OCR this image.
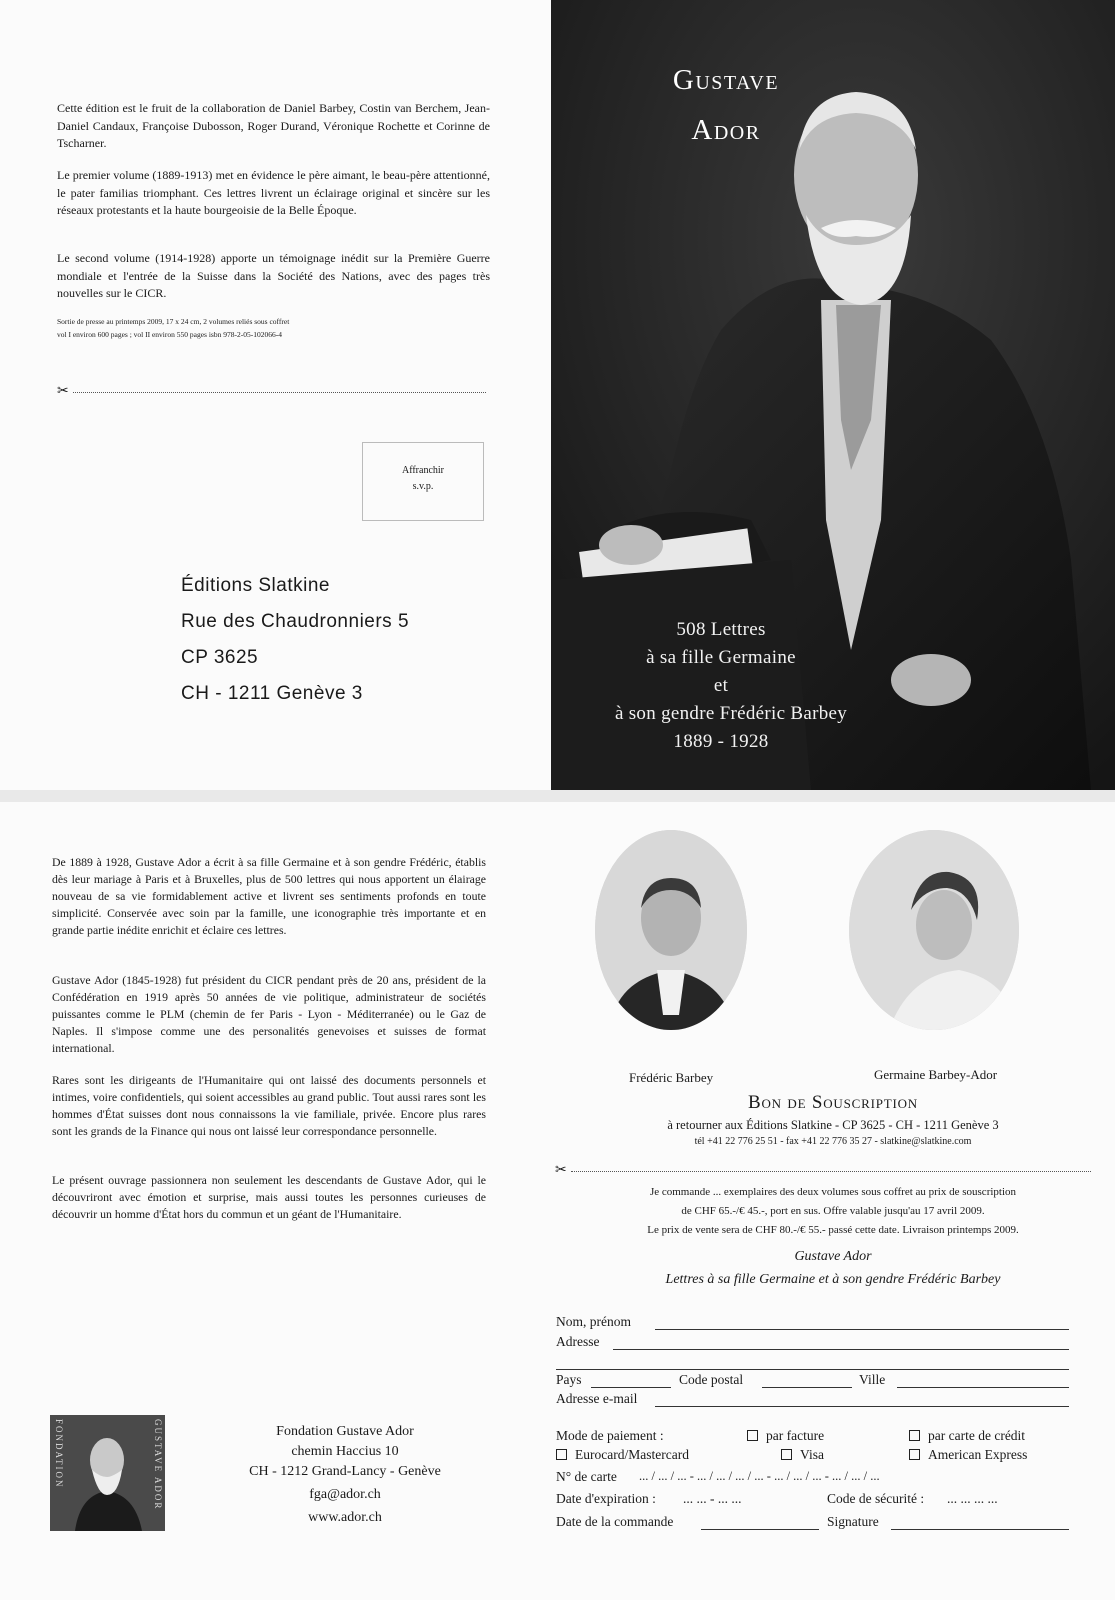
Cette édition est le fruit de la collaboration de Daniel Barbey, Costin van Berchem, Jean-Daniel Candaux, Françoise Dubosson, Roger Durand, Véronique Rochette et Corinne de Tscharner.

Le premier volume (1889-1913) met en évidence le père aimant, le beau-père attentionné, le pater familias triomphant. Ces lettres livrent un éclairage original et sincère sur les réseaux protestants et la haute bourgeoisie de la Belle Époque.

Le second volume (1914-1928) apporte un témoignage inédit sur la Première Guerre mondiale et l'entrée de la Suisse dans la Société des Nations, avec des pages très nouvelles sur le CICR.

Sortie de presse au printemps 2009, 17 x 24 cm, 2 volumes reliés sous coffret

vol I environ 600 pages ; vol II environ 550 pages isbn 978-2-05-102066-4

✂
Affranchir
s.v.p.
Éditions Slatkine
Rue des Chaudronniers 5
CP 3625
CH - 1211 Genève 3
Gustave
Ador
508 Lettres
à sa fille Germaine
et
à son gendre Frédéric Barbey
1889 - 1928

De 1889 à 1928, Gustave Ador a écrit à sa fille Germaine et à son gendre Frédéric, établis dès leur mariage à Paris et à Bruxelles, plus de 500 lettres qui nous apportent un élairage nouveau de sa vie formidablement active et livrent ses sentiments profonds en toute simplicité. Conservée avec soin par la famille, une iconographie très importante et en grande partie inédite enrichit et éclaire ces lettres.

Gustave Ador (1845-1928) fut président du CICR pendant près de 20 ans, président de la Confédération en 1919 après 50 années de vie politique, administrateur de sociétés puissantes comme le PLM (chemin de fer Paris - Lyon - Méditerranée) ou le Gaz de Naples. Il s'impose comme une des personalités genevoises et suisses de format international.

Rares sont les dirigeants de l'Humanitaire qui ont laissé des documents personnels et intimes, voire confidentiels, qui soient accessibles au grand public. Tout aussi rares sont les hommes d'État suisses dont nous connaissons la vie familiale, privée. Encore plus rares sont les grands de la Finance qui nous ont laissé leur correspondance personnelle.

Le présent ouvrage passionnera non seulement les descendants de Gustave Ador, qui le découvriront avec émotion et surprise, mais aussi toutes les personnes curieuses de découvrir un homme d'État hors du commun et un géant de l'Humanitaire.

FONDATION	GUSTAVE ADOR	Fondation Gustave Ador
chemin Haccius 10
CH - 1212 Grand-Lancy - Genève
fga@ador.ch
www.ador.ch
Frédéric Barbey	Germaine Barbey-Ador
Bon de Souscription
à retourner aux Éditions Slatkine - CP 3625 - CH - 1211 Genève 3
tél +41 22 776 25 51 - fax +41 22 776 35 27 - slatkine@slatkine.com
✂
Je commande ... exemplaires des deux volumes sous coffret au prix de souscription
de CHF 65.-/€ 45.-, port en sus. Offre valable jusqu'au 17 avril 2009.
Le prix de vente sera de CHF 80.-/€ 55.- passé cette date. Livraison printemps 2009.
Gustave Ador
Lettres à sa fille Germaine et à son gendre Frédéric Barbey
Nom, prénom
Adresse
Pays	Code postal	Ville
Adresse e-mail
Mode de paiement :	par facture	par carte de crédit
Eurocard/Mastercard	Visa	American Express
N° de carte ... / ... / ... - ... / ... / ... / ... - ... / ... / ... - ... / ... / ...
Date d'expiration : ... ... - ... ...	Code de sécurité : ... ... ... ...
Date de la commande	Signature
